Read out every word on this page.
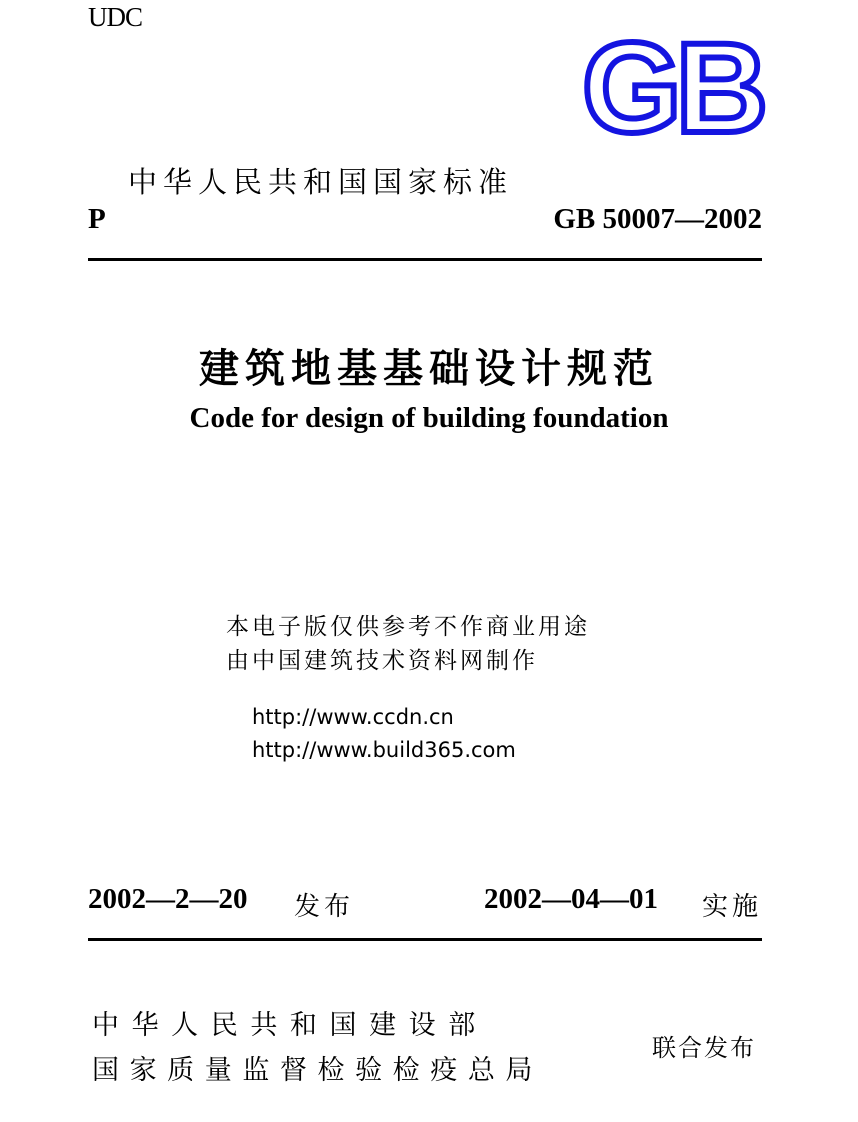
UDC	GB
中华人民共和国国家标准
P	GB 50007—2002
建筑地基基础设计规范
Code for design of building foundation
本电子版仅供参考不作商业用途
由中国建筑技术资料网制作
http://www.ccdn.cn
http://www.build365.com
2002—2—20 发布	2002—04—01 实施
中 华 人 民 共 和 国 建 设 部
国 家 质 量 监 督 检 验 检 疫 总 局
联合发布
